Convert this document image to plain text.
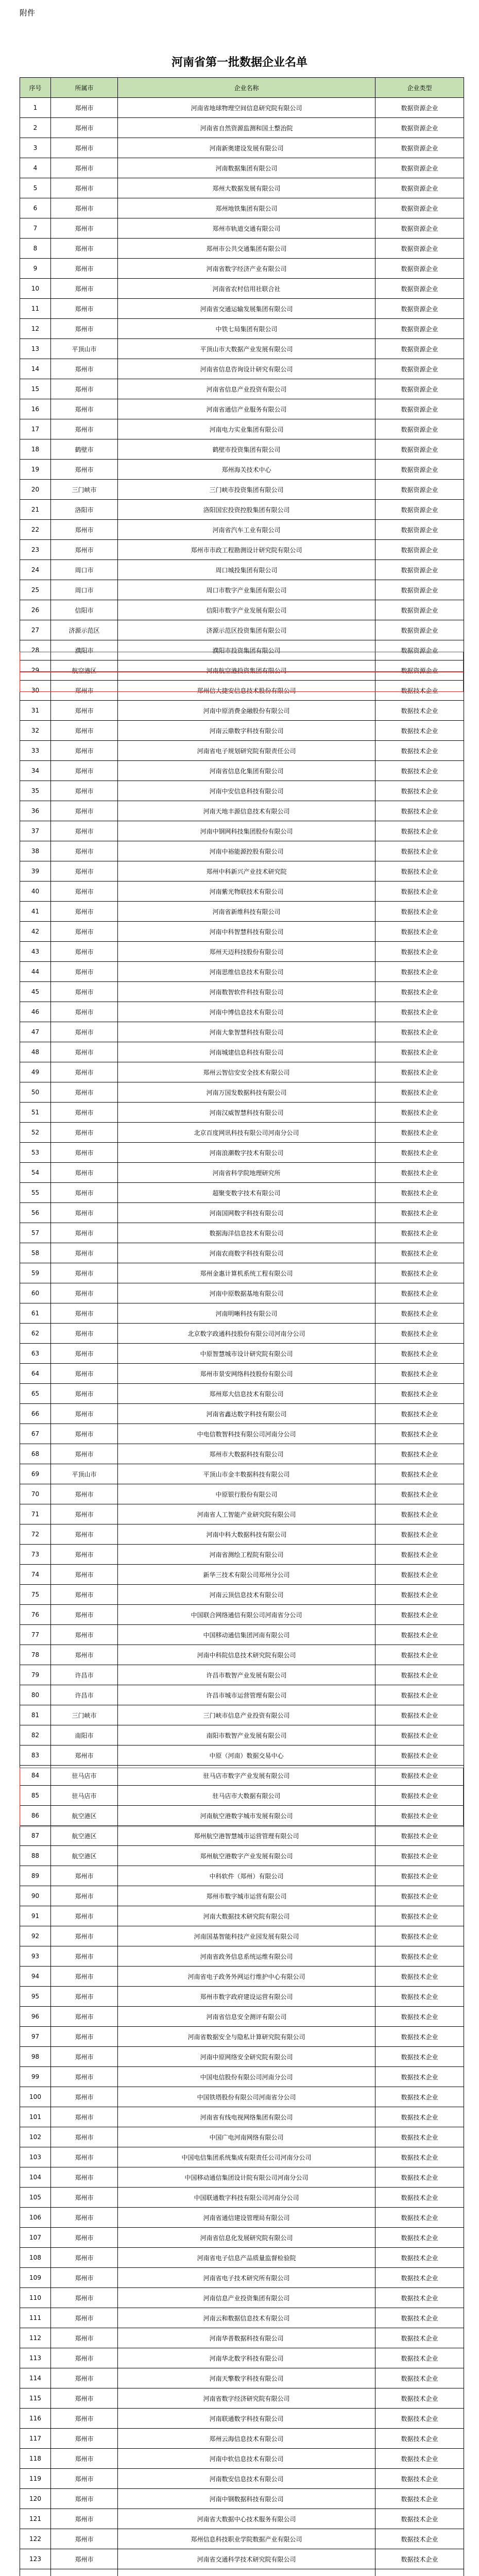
附件
河南省第一批数据企业名单
序号	所属市	企业名称	企业类型
1	郑州市	河南省地球物理空间信息研究院有限公司	数据资源企业
2	郑州市	河南省自然资源监测和国土整治院	数据资源企业
3	郑州市	河南新奥建设发展有限公司	数据资源企业
4	郑州市	河南数据集团有限公司	数据资源企业
5	郑州市	郑州大数据发展有限公司	数据资源企业
6	郑州市	郑州地铁集团有限公司	数据资源企业
7	郑州市	郑州市轨道交通有限公司	数据资源企业
8	郑州市	郑州市公共交通集团有限公司	数据资源企业
9	郑州市	河南省数字经济产业有限公司	数据资源企业
10	郑州市	河南省农村信用社联合社	数据资源企业
11	郑州市	河南省交通运输发展集团有限公司	数据资源企业
12	郑州市	中铁七局集团有限公司	数据资源企业
13	平顶山市	平顶山市大数据产业发展有限公司	数据资源企业
14	郑州市	河南省信息咨询设计研究有限公司	数据资源企业
15	郑州市	河南省信息产业投资有限公司	数据资源企业
16	郑州市	河南省通信产业服务有限公司	数据资源企业
17	郑州市	河南电力实业集团有限公司	数据资源企业
18	鹤壁市	鹤壁市投资集团有限公司	数据资源企业
19	郑州市	郑州海关技术中心	数据资源企业
20	三门峡市	三门峡市投资集团有限公司	数据资源企业
21	洛阳市	洛阳国宏投资控股集团有限公司	数据资源企业
22	郑州市	河南省汽车工业有限公司	数据资源企业
23	郑州市	郑州市市政工程勘测设计研究院有限公司	数据资源企业
24	周口市	周口城投集团有限公司	数据资源企业
25	周口市	周口市数字产业集团有限公司	数据资源企业
26	信阳市	信阳市数字产业发展有限公司	数据资源企业
27	济源示范区	济源示范区投资集团有限公司	数据资源企业
28	濮阳市	濮阳市投资集团有限公司	数据资源企业
29	航空港区	河南航空港投资集团有限公司	数据资源企业
30	郑州市	郑州信大捷安信息技术股份有限公司	数据技术企业
31	郑州市	河南中原消费金融股份有限公司	数据技术企业
32	郑州市	河南云鼎数字科技有限公司	数据技术企业
33	郑州市	河南省电子规划研究院有限责任公司	数据技术企业
34	郑州市	河南省信息化集团有限公司	数据技术企业
35	郑州市	河南中安信息科技有限公司	数据技术企业
36	郑州市	河南天地丰源信息技术有限公司	数据技术企业
37	郑州市	河南中钢网科技集团股份有限公司	数据技术企业
38	郑州市	河南中裕能源控股有限公司	数据技术企业
39	郑州市	郑州中科新兴产业技术研究院	数据技术企业
40	郑州市	河南紫光物联技术有限公司	数据技术企业
41	郑州市	河南省新维科技有限公司	数据技术企业
42	郑州市	河南中科智慧科技有限公司	数据技术企业
43	郑州市	郑州天迈科技股份有限公司	数据技术企业
44	郑州市	河南思维信息技术有限公司	数据技术企业
45	郑州市	河南数智软件科技有限公司	数据技术企业
46	郑州市	河南中博信息技术有限公司	数据技术企业
47	郑州市	河南大象智慧科技有限公司	数据技术企业
48	郑州市	河南城建信息科技有限公司	数据技术企业
49	郑州市	郑州云智信安安全技术有限公司	数据技术企业
50	郑州市	河南万国发数据科技有限公司	数据技术企业
51	郑州市	河南汉威智慧科技有限公司	数据技术企业
52	郑州市	北京百度网讯科技有限公司河南分公司	数据技术企业
53	郑州市	河南浪潮数字技术有限公司	数据技术企业
54	郑州市	河南省科学院地理研究所	数据技术企业
55	郑州市	超聚变数字技术有限公司	数据技术企业
56	郑州市	河南国网数字科技有限公司	数据技术企业
57	郑州市	数据海洋信息技术有限公司	数据技术企业
58	郑州市	河南农商数字科技有限公司	数据技术企业
59	郑州市	郑州金惠计算机系统工程有限公司	数据技术企业
60	郑州市	河南中原数据基地有限公司	数据技术企业
61	郑州市	河南明晰科技有限公司	数据技术企业
62	郑州市	北京数字政通科技股份有限公司河南分公司	数据技术企业
63	郑州市	中原智慧城市设计研究院有限公司	数据技术企业
64	郑州市	郑州市景安网络科技股份有限公司	数据技术企业
65	郑州市	郑州郑大信息技术有限公司	数据技术企业
66	郑州市	河南省鑫达数字科技有限公司	数据技术企业
67	郑州市	中电信数智科技有限公司河南分公司	数据技术企业
68	郑州市	郑州市大数据科技有限公司	数据技术企业
69	平顶山市	平顶山市金丰数据科技有限公司	数据技术企业
70	郑州市	中原银行股份有限公司	数据技术企业
71	郑州市	河南省人工智能产业研究院有限公司	数据技术企业
72	郑州市	河南中科大数据科技有限公司	数据技术企业
73	郑州市	河南省测绘工程院有限公司	数据技术企业
74	郑州市	新华三技术有限公司郑州分公司	数据技术企业
75	郑州市	河南云顶信息技术有限公司	数据技术企业
76	郑州市	中国联合网络通信有限公司河南省分公司	数据技术企业
77	郑州市	中国移动通信集团河南有限公司	数据技术企业
78	郑州市	河南中科院信息技术研究院有限公司	数据技术企业
79	许昌市	许昌市数智产业发展有限公司	数据技术企业
80	许昌市	许昌市城市运营管理有限公司	数据技术企业
81	三门峡市	三门峡市信息产业投资有限公司	数据技术企业
82	南阳市	南阳市数智产业发展有限公司	数据技术企业
83	郑州市	中原（河南）数据交易中心	数据技术企业
84	驻马店市	驻马店市数字产业发展有限公司	数据技术企业
85	驻马店市	驻马店市大数据有限公司	数据技术企业
86	航空港区	河南航空港数字城市发展有限公司	数据技术企业
87	航空港区	郑州航空港智慧城市运营管理有限公司	数据技术企业
88	航空港区	郑州航空港数字产业发展有限公司	数据技术企业
89	郑州市	中科软件（郑州）有限公司	数据技术企业
90	郑州市	郑州市数字城市运营有限公司	数据技术企业
91	郑州市	河南大数据技术研究院有限公司	数据技术企业
92	郑州市	河南国基智能科技产业园发展有限公司	数据技术企业
93	郑州市	河南省政务信息系统运维有限公司	数据技术企业
94	郑州市	河南省电子政务外网运行维护中心有限公司	数据技术企业
95	郑州市	郑州市数字政府建设运营有限公司	数据技术企业
96	郑州市	河南省信息安全测评有限公司	数据技术企业
97	郑州市	河南省数据安全与隐私计算研究院有限公司	数据技术企业
98	郑州市	河南中原网络安全研究院有限公司	数据技术企业
99	郑州市	中国电信股份有限公司河南分公司	数据技术企业
100	郑州市	中国铁塔股份有限公司河南省分公司	数据技术企业
101	郑州市	河南省有线电视网络集团有限公司	数据技术企业
102	郑州市	中国广电河南网络有限公司	数据技术企业
103	郑州市	中国电信集团系统集成有限责任公司河南分公司	数据技术企业
104	郑州市	中国移动通信集团设计院有限公司河南分公司	数据技术企业
105	郑州市	中国联通数字科技有限公司河南分公司	数据技术企业
106	郑州市	河南省通信建设管理局有限公司	数据技术企业
107	郑州市	河南省信息化发展研究院有限公司	数据技术企业
108	郑州市	河南省电子信息产品质量监督检验院	数据技术企业
109	郑州市	河南省电子技术研究所有限公司	数据技术企业
110	郑州市	河南信息产业投资集团有限公司	数据技术企业
111	郑州市	河南云和数据信息技术有限公司	数据技术企业
112	郑州市	河南华普数据科技有限公司	数据技术企业
113	郑州市	河南华北数字科技有限公司	数据技术企业
114	郑州市	河南天擎数字科技有限公司	数据技术企业
115	郑州市	河南省数字经济研究院有限公司	数据技术企业
116	郑州市	河南联通数字科技有限公司	数据技术企业
117	郑州市	郑州云海信息技术有限公司	数据技术企业
118	郑州市	河南中软信息技术有限公司	数据技术企业
119	郑州市	河南数安信息技术有限公司	数据技术企业
120	郑州市	河南中钢数据科技有限公司	数据技术企业
121	郑州市	河南省大数据中心技术服务有限公司	数据技术企业
122	郑州市	郑州信息科技职业学院数据产业有限公司	数据技术企业
123	郑州市	河南省交通科学技术研究院有限公司	数据技术企业
